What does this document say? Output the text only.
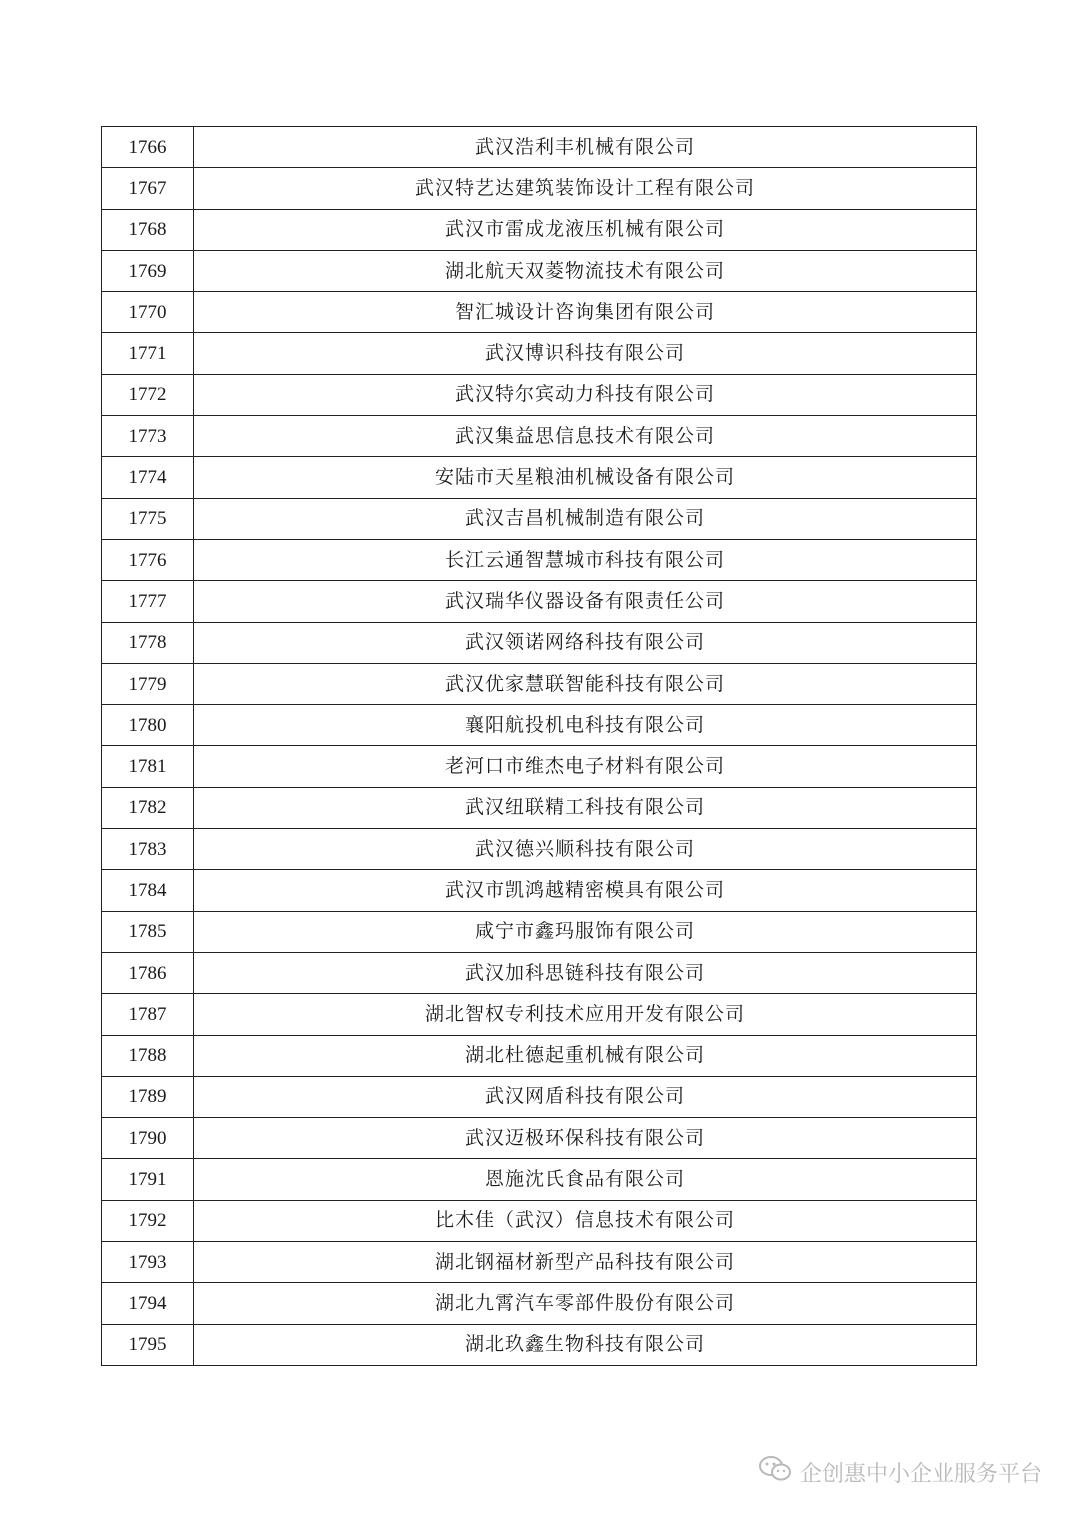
1766	武汉浩利丰机械有限公司
1767	武汉特艺达建筑装饰设计工程有限公司
1768	武汉市雷成龙液压机械有限公司
1769	湖北航天双菱物流技术有限公司
1770	智汇城设计咨询集团有限公司
1771	武汉博识科技有限公司
1772	武汉特尔宾动力科技有限公司
1773	武汉集益思信息技术有限公司
1774	安陆市天星粮油机械设备有限公司
1775	武汉吉昌机械制造有限公司
1776	长江云通智慧城市科技有限公司
1777	武汉瑞华仪器设备有限责任公司
1778	武汉领诺网络科技有限公司
1779	武汉优家慧联智能科技有限公司
1780	襄阳航投机电科技有限公司
1781	老河口市维杰电子材料有限公司
1782	武汉纽联精工科技有限公司
1783	武汉德兴顺科技有限公司
1784	武汉市凯鸿越精密模具有限公司
1785	咸宁市鑫玛服饰有限公司
1786	武汉加科思链科技有限公司
1787	湖北智权专利技术应用开发有限公司
1788	湖北杜德起重机械有限公司
1789	武汉网盾科技有限公司
1790	武汉迈极环保科技有限公司
1791	恩施沈氏食品有限公司
1792	比木佳（武汉）信息技术有限公司
1793	湖北钢福材新型产品科技有限公司
1794	湖北九霄汽车零部件股份有限公司
1795	湖北玖鑫生物科技有限公司
企创惠中小企业服务平台
